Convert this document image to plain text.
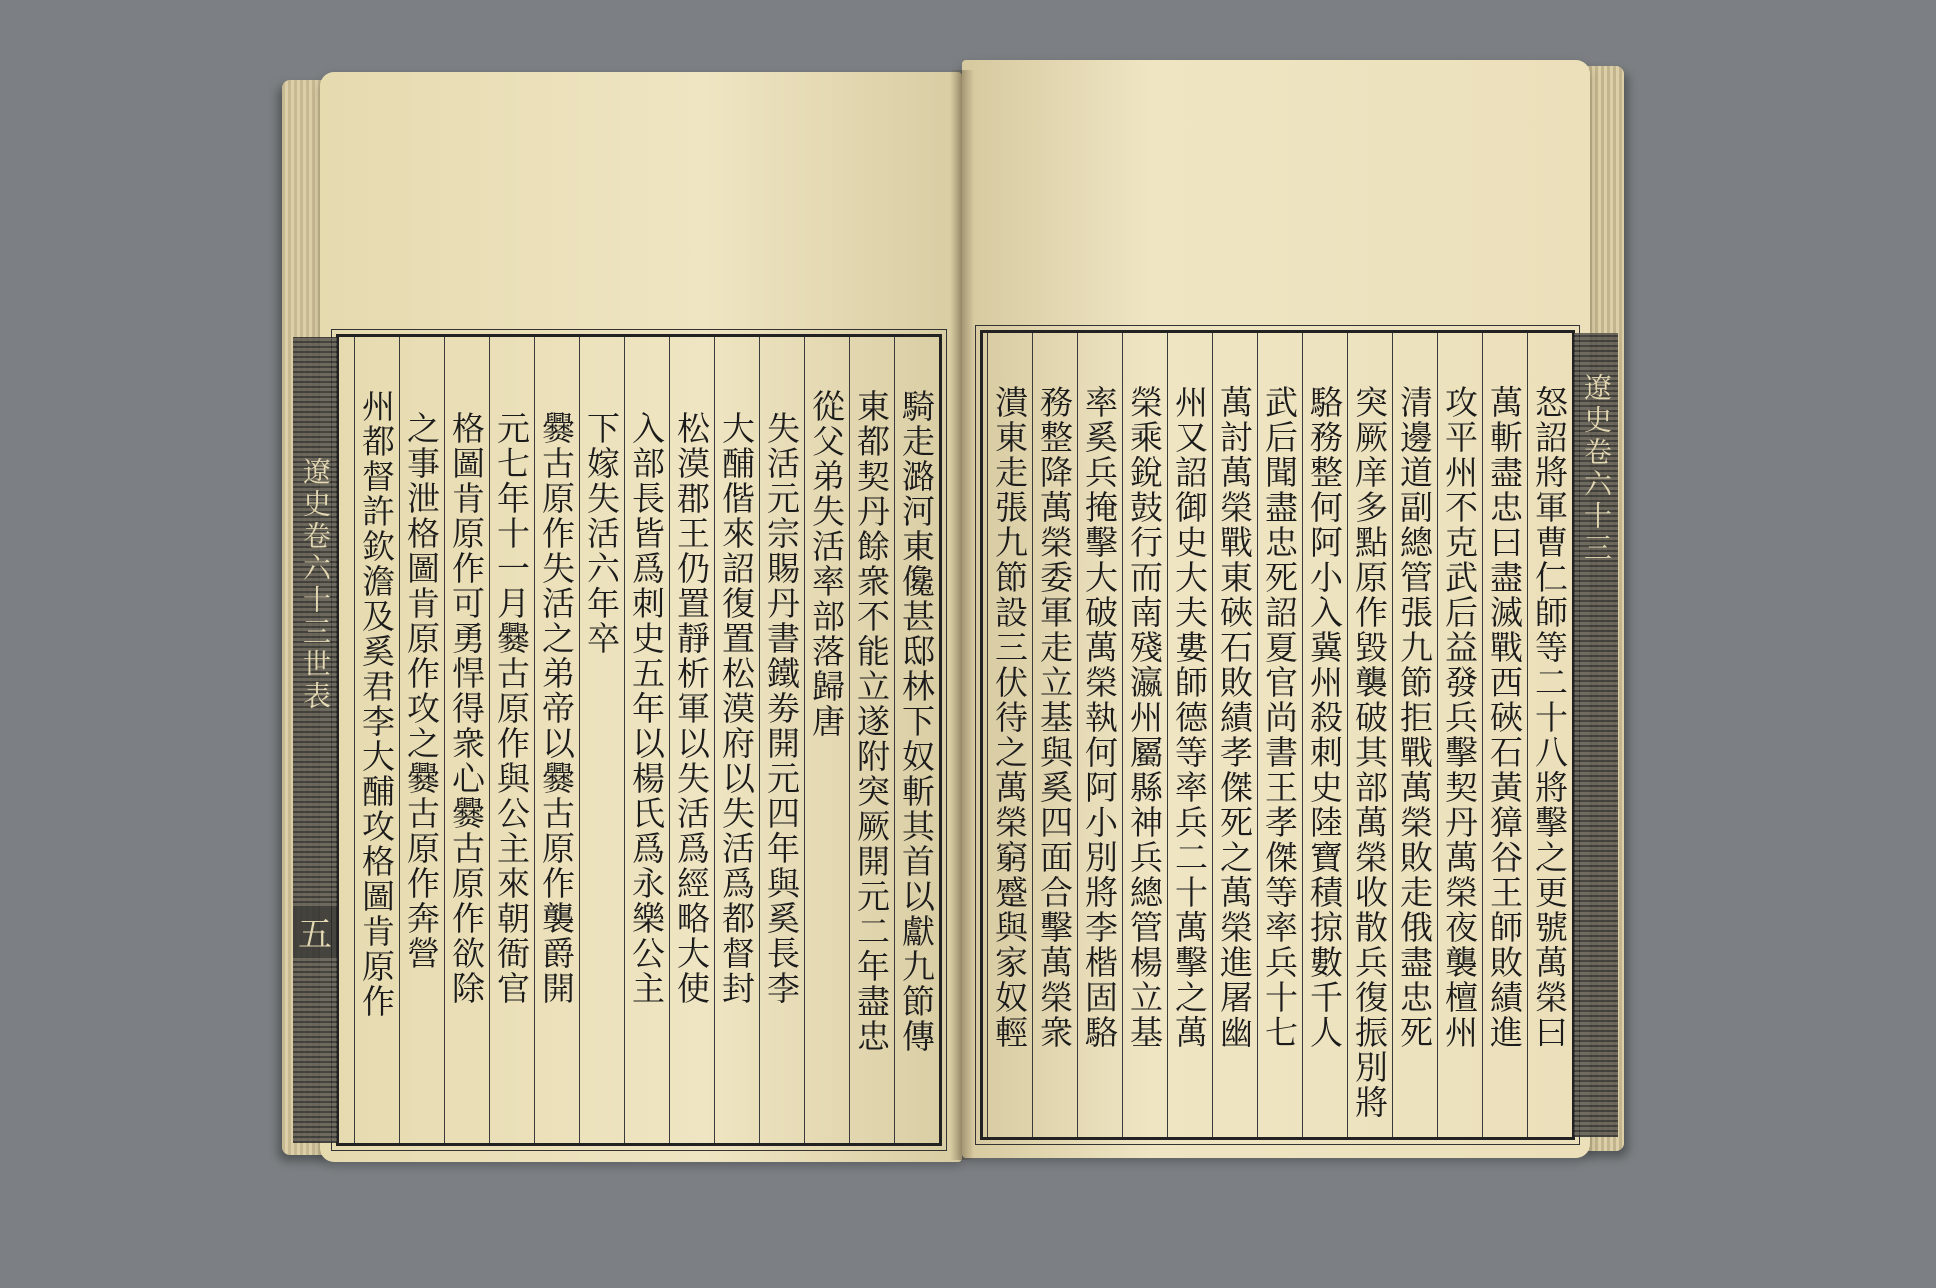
騎走潞河東儳甚邸林下奴斬其首以獻九節傳
東都契丹餘衆不能立遂附突厥開元二年盡忠
從父弟失活率部落歸唐
失活元宗賜丹書鐵劵開元四年與奚長李
大酺偕來詔復置松漠府以失活爲都督封
松漠郡王仍置靜析軍以失活爲經略大使
入部長皆爲刺史五年以楊氏爲永樂公主
下嫁失活六年卒
爨古原作失活之弟帝以爨古原作襲爵開
元七年十一月爨古原作與公主來朝衙官
格圖肯原作可勇悍得衆心爨古原作欲除
之事泄格圖肯原作攻之爨古原作奔營
州都督許欽澹及奚君李大酺攻格圖肯原作
遼史卷六十三世表
五	怒詔將軍曹仁師等二十八將擊之更號萬榮曰
萬斬盡忠曰盡滅戰西硤石黃獐谷王師敗績進
攻平州不克武后益發兵擊契丹萬榮夜襲檀州
清邊道副總管張九節拒戰萬榮敗走俄盡忠死
突厥庠多點原作毀襲破其部萬榮收散兵復振別將
駱務整何阿小入冀州殺刺史陸寶積掠數千人
武后聞盡忠死詔夏官尚書王孝傑等率兵十七
萬討萬榮戰東硤石敗績孝傑死之萬榮進屠幽
州又詔御史大夫婁師德等率兵二十萬擊之萬
榮乘銳鼓行而南殘瀛州屬縣神兵總管楊立基
率奚兵掩擊大破萬榮執何阿小別將李楷固駱
務整降萬榮委軍走立基與奚四面合擊萬榮衆
潰東走張九節設三伏待之萬榮窮蹙與家奴輕	遼史卷六十三
